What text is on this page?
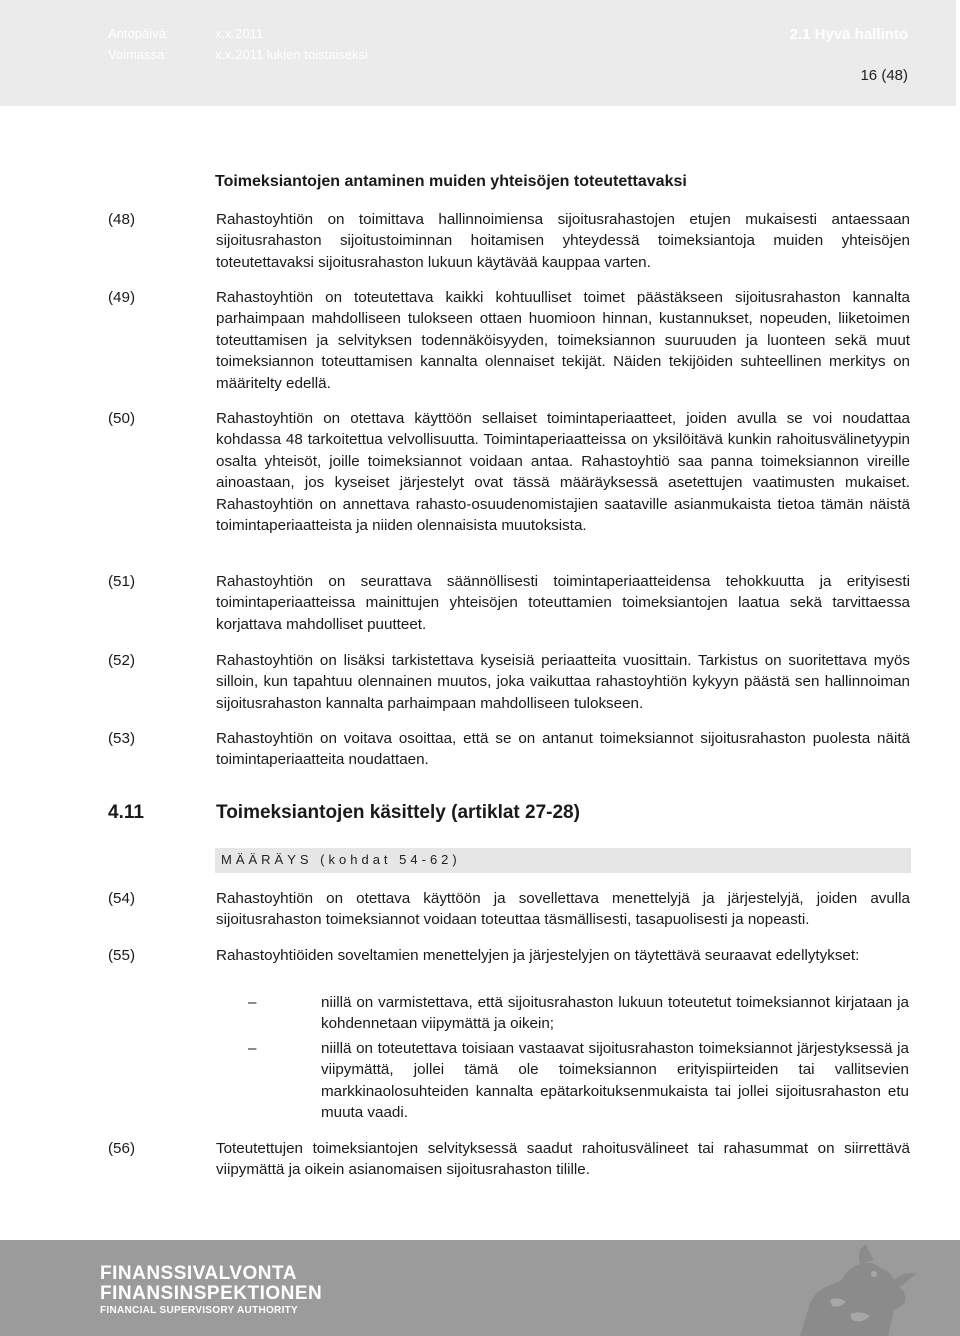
Antopäivä:	x.x.2011
Voimassa:	x.x.2011 lukien toistaiseksi
2.1 Hyvä hallinto
16 (48)
Toimeksiantojen antaminen muiden yhteisöjen toteutettavaksi
(48)	Rahastoyhtiön on toimittava hallinnoimiensa sijoitusrahastojen etujen mukaisesti antaessaan sijoitusrahaston sijoitustoiminnan hoitamisen yhteydessä toimeksiantoja muiden yhteisöjen toteutettavaksi sijoitusrahaston lukuun käytävää kauppaa varten.
(49)	Rahastoyhtiön on toteutettava kaikki kohtuulliset toimet päästäkseen sijoitusrahaston kannalta parhaimpaan mahdolliseen tulokseen ottaen huomioon hinnan, kustannukset, nopeuden, liiketoimen toteuttamisen ja selvityksen todennäköisyyden, toimeksiannon suuruuden ja luonteen sekä muut toimeksiannon toteuttamisen kannalta olennaiset tekijät. Näiden tekijöiden suhteellinen merkitys on määritelty edellä.
(50)	Rahastoyhtiön on otettava käyttöön sellaiset toimintaperiaatteet, joiden avulla se voi noudattaa kohdassa 48 tarkoitettua velvollisuutta. Toimintaperiaatteissa on yksilöitävä kunkin rahoitusvälinetyypin osalta yhteisöt, joille toimeksiannot voidaan antaa. Rahastoyhtiö saa panna toimeksiannon vireille ainoastaan, jos kyseiset järjestelyt ovat tässä määräyksessä asetettujen vaatimusten mukaiset. Rahastoyhtiön on annettava rahasto-osuudenomistajien saataville asianmukaista tietoa tämän näistä toimintaperiaatteista ja niiden olennaisista muutoksista.
(51)	Rahastoyhtiön on seurattava säännöllisesti toimintaperiaatteidensa tehokkuutta ja erityisesti toimintaperiaatteissa mainittujen yhteisöjen toteuttamien toimeksiantojen laatua sekä tarvittaessa korjattava mahdolliset puutteet.
(52)	Rahastoyhtiön on lisäksi tarkistettava kyseisiä periaatteita vuosittain. Tarkistus on suoritettava myös silloin, kun tapahtuu olennainen muutos, joka vaikuttaa rahastoyhtiön kykyyn päästä sen hallinnoiman sijoitusrahaston kannalta parhaimpaan mahdolliseen tulokseen.
(53)	Rahastoyhtiön on voitava osoittaa, että se on antanut toimeksiannot sijoitusrahaston puolesta näitä toimintaperiaatteita noudattaen.
4.11	Toimeksiantojen käsittely (artiklat 27-28)
MÄÄRÄYS (kohdat 54-62)
(54)	Rahastoyhtiön on otettava käyttöön ja sovellettava menettelyjä ja järjestelyjä, joiden avulla sijoitusrahaston toimeksiannot voidaan toteuttaa täsmällisesti, tasapuolisesti ja nopeasti.
(55)	Rahastoyhtiöiden soveltamien menettelyjen ja järjestelyjen on täytettävä seuraavat edellytykset:
–	niillä on varmistettava, että sijoitusrahaston lukuun toteutetut toimeksiannot kirjataan ja kohdennetaan viipymättä ja oikein;
–	niillä on toteutettava toisiaan vastaavat sijoitusrahaston toimeksiannot järjestyksessä ja viipymättä, jollei tämä ole toimeksiannon erityispiirteiden tai vallitsevien markkinaolosuhteiden kannalta epätarkoituksenmukaista tai jollei sijoitusrahaston etu muuta vaadi.
(56)	Toteutettujen toimeksiantojen selvityksessä saadut rahoitusvälineet tai rahasummat on siirrettävä viipymättä ja oikein asianomaisen sijoitusrahaston tilille.
FINANSSIVALVONTA
FINANSINSPEKTIONEN
FINANCIAL SUPERVISORY AUTHORITY
